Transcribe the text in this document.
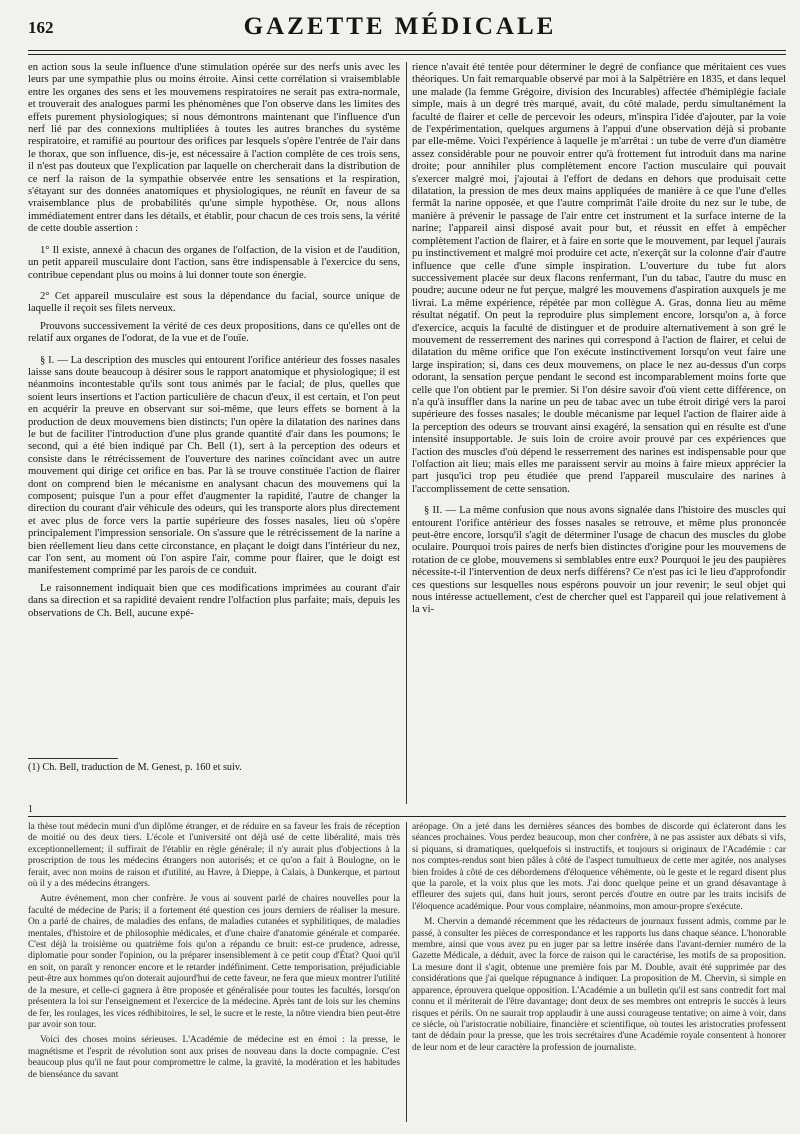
162	GAZETTE MÉDICALE

en action sous la seule influence d'une stimulation opérée sur des nerfs unis avec les leurs par une sympathie plus ou moins étroite. Ainsi cette corrélation si vraisemblable entre les organes des sens et les mouvemens respiratoires ne serait pas extra-normale, et trouverait des analogues parmi les phénomènes que l'on observe dans les limites des effets purement physiologiques; si nous démontrons maintenant que l'influence d'un nerf lié par des connexions multipliées à toutes les autres branches du système respiratoire, et ramifié au pourtour des orifices par lesquels s'opère l'entrée de l'air dans le thorax, que son influence, dis-je, est nécessaire à l'action complète de ces trois sens, il n'est pas douteux que l'explication par laquelle on chercherait dans la distribution de ce nerf la raison de la sympathie observée entre les sensations et la respiration, s'étayant sur des données anatomiques et physiologiques, ne réunît en faveur de sa vraisemblance plus de probabilités qu'une simple hypothèse. Or, nous allons immédiatement entrer dans les détails, et établir, pour chacun de ces trois sens, la vérité de cette double assertion :

1° Il existe, annexé à chacun des organes de l'olfaction, de la vision et de l'audition, un petit appareil musculaire dont l'action, sans être indispensable à l'exercice du sens, contribue cependant plus ou moins à lui donner toute son énergie.

2° Cet appareil musculaire est sous la dépendance du facial, source unique de laquelle il reçoit ses filets nerveux.

Prouvons successivement la vérité de ces deux propositions, dans ce qu'elles ont de relatif aux organes de l'odorat, de la vue et de l'ouïe.

§ I. — La description des muscles qui entourent l'orifice antérieur des fosses nasales laisse sans doute beaucoup à désirer sous le rapport anatomique et physiologique; il est néanmoins incontestable qu'ils sont tous animés par le facial; de plus, quelles que soient leurs insertions et l'action particulière de chacun d'eux, il est certain, et l'on peut en acquérir la preuve en observant sur soi-même, que leurs effets se bornent à la production de deux mouvemens bien distincts; l'un opère la dilatation des narines dans le but de faciliter l'introduction d'une plus grande quantité d'air dans les poumons; le second, qui a été bien indiqué par Ch. Bell (1), sert à la perception des odeurs et consiste dans le rétrécissement de l'ouverture des narines coïncidant avec un autre mouvement qui dirige cet orifice en bas. Par là se trouve constituée l'action de flairer dont on comprend bien le mécanisme en analysant chacun des mouvemens qui la composent; puisque l'un a pour effet d'augmenter la rapidité, l'autre de changer la direction du courant d'air véhicule des odeurs, qui les transporte alors plus directement et avec plus de force vers la partie supérieure des fosses nasales, lieu où s'opère principalement l'impression sensoriale. On s'assure que le rétrécissement de la narine a bien réellement lieu dans cette circonstance, en plaçant le doigt dans l'intérieur du nez, car l'on sent, au moment où l'on aspire l'air, comme pour flairer, que le doigt est manifestement comprimé par les parois de ce conduit.

Le raisonnement indiquait bien que ces modifications imprimées au courant d'air dans sa direction et sa rapidité devaient rendre l'olfaction plus parfaite; mais, depuis les observations de Ch. Bell, aucune expé-

rience n'avait été tentée pour déterminer le degré de confiance que méritaient ces vues théoriques. Un fait remarquable observé par moi à la Salpêtrière en 1835, et dans lequel une malade (la femme Grégoire, division des Incurables) affectée d'hémiplégie faciale simple, mais à un degré très marqué, avait, du côté malade, perdu simultanément la faculté de flairer et celle de percevoir les odeurs, m'inspira l'idée d'ajouter, par la voie de l'expérimentation, quelques argumens à l'appui d'une observation déjà si probante par elle-même. Voici l'expérience à laquelle je m'arrêtai : un tube de verre d'un diamètre assez considérable pour ne pouvoir entrer qu'à frottement fut introduit dans ma narine droite; pour annihiler plus complètement encore l'action musculaire qui pouvait s'exercer malgré moi, j'ajoutai à l'effort de dedans en dehors que produisait cette dilatation, la pression de mes deux mains appliquées de manière à ce que l'une d'elles fermât la narine opposée, et que l'autre comprimât l'aile droite du nez sur le tube, de manière à prévenir le passage de l'air entre cet instrument et la surface interne de la narine; l'appareil ainsi disposé avait pour but, et réussit en effet à empêcher complètement l'action de flairer, et à faire en sorte que le mouvement, par lequel j'aurais pu instinctivement et malgré moi produire cet acte, n'exerçât sur la colonne d'air d'autre influence que celle d'une simple inspiration. L'ouverture du tube fut alors successivement placée sur deux flacons renfermant, l'un du tabac, l'autre du musc en poudre; aucune odeur ne fut perçue, malgré les mouvemens d'aspiration auxquels je me livrai. La même expérience, répétée par mon collègue A. Gras, donna lieu au même résultat négatif. On peut la reproduire plus simplement encore, lorsqu'on a, à force d'exercice, acquis la faculté de distinguer et de produire alternativement à son gré le mouvement de resserrement des narines qui correspond à l'action de flairer, et celui de dilatation du même orifice que l'on exécute instinctivement lorsqu'on veut faire une large inspiration; si, dans ces deux mouvemens, on place le nez au-dessus d'un corps odorant, la sensation perçue pendant le second est incomparablement moins forte que celle que l'on obtient par le premier. Si l'on désire savoir d'où vient cette différence, on n'a qu'à insuffler dans la narine un peu de tabac avec un tube étroit dirigé vers la paroi supérieure des fosses nasales; le double mécanisme par lequel l'action de flairer aide à la perception des odeurs se trouvant ainsi exagéré, la sensation qui en résulte est d'une intensité insupportable. Je suis loin de croire avoir prouvé par ces expériences que l'action des muscles d'où dépend le resserrement des narines est indispensable pour que l'olfaction ait lieu; mais elles me paraissent servir au moins à faire mieux apprécier la part jusqu'ici trop peu étudiée que prend l'appareil musculaire des narines à l'accomplissement de cette sensation.

§ II. — La même confusion que nous avons signalée dans l'histoire des muscles qui entourent l'orifice antérieur des fosses nasales se retrouve, et même plus prononcée peut-être encore, lorsqu'il s'agit de déterminer l'usage de chacun des muscles du globe oculaire. Pourquoi trois paires de nerfs bien distinctes d'origine pour les mouvemens de rotation de ce globe, mouvemens si semblables entre eux? Pourquoi le jeu des paupières nécessite-t-il l'intervention de deux nerfs différens? Ce n'est pas ici le lieu d'approfondir ces questions sur lesquelles nous espérons pouvoir un jour revenir; le seul objet qui nous intéresse actuellement, c'est de chercher quel est l'appareil qui joue relativement à la vi-

(1) Ch. Bell, traduction de M. Genest, p. 160 et suiv.
1

la thèse tout médecin muni d'un diplôme étranger, et de réduire en sa faveur les frais de réception de moitié ou des deux tiers. L'école et l'université ont déjà usé de cette libéralité, mais très exceptionnellement; il suffirait de l'établir en règle générale; il n'y aurait plus d'objections à la proscription de tous les médecins étrangers non autorisés; et ce qu'on a fait à Boulogne, on le ferait, avec non moins de raison et d'utilité, au Havre, à Dieppe, à Calais, à Dunkerque, et partout où il y a des médecins étrangers.

Autre événement, mon cher confrère. Je vous ai souvent parlé de chaires nouvelles pour la faculté de médecine de Paris; il a fortement été question ces jours derniers de réaliser la mesure. On a parlé de chaires, de maladies des enfans, de maladies cutanées et syphilitiques, de maladies mentales, d'histoire et de philosophie médicales, et d'une chaire d'anatomie générale et comparée. C'est déjà la troisième ou quatrième fois qu'on a répandu ce bruit: est-ce prudence, adresse, diplomatie pour sonder l'opinion, ou la préparer insensiblement à ce petit coup d'État? Quoi qu'il en soit, on paraît y renoncer encore et le retarder indéfiniment. Cette temporisation, préjudiciable peut-être aux hommes qu'on doterait aujourd'hui de cette faveur, ne fera que mieux montrer l'utilité de la mesure, et celle-ci gagnera à être proposée et généralisée pour toutes les facultés, lorsqu'on présentera la loi sur l'enseignement et l'exercice de la médecine. Après tant de lois sur les chemins de fer, les roulages, les vices rédhibitoires, le sel, le sucre et le reste, la nôtre viendra bien peut-être par avoir son tour.

Voici des choses moins sérieuses. L'Académie de médecine est en émoi : la presse, le magnétisme et l'esprit de révolution sont aux prises de nouveau dans la docte compagnie. C'est beaucoup plus qu'il ne faut pour compromettre le calme, la gravité, la modération et les habitudes de bienséance du savant

aréopage. On a jeté dans les dernières séances des bombes de discorde qui éclateront dans les séances prochaines. Vous perdez beaucoup, mon cher confrère, à ne pas assister aux débats si vifs, si piquans, si dramatiques, quelquefois si instructifs, et toujours si originaux de l'Académie : car nos comptes-rendus sont bien pâles à côté de l'aspect tumultueux de cette mer agitée, nos analyses bien froides à côté de ces débordemens d'éloquence véhémente, où le geste et le regard disent plus que la parole, et la voix plus que les mots. J'ai donc quelque peine et un grand désavantage à effleurer des sujets qui, dans huit jours, seront percés d'outre en outre par les traits incisifs de l'éloquence académique. Pour vous complaire, néanmoins, mon amour-propre s'exécute.

M. Chervin a demandé récemment que les rédacteurs de journaux fussent admis, comme par le passé, à consulter les pièces de correspondance et les rapports lus dans chaque séance. L'honorable membre, ainsi que vous avez pu en juger par sa lettre insérée dans l'avant-dernier numéro de la Gazette Médicale, a déduit, avec la force de raison qui le caractérise, les motifs de sa proposition. La mesure dont il s'agit, obtenue une première fois par M. Double, avait été supprimée par des considérations que j'ai quelque répugnance à indiquer. La proposition de M. Chervin, si simple en apparence, éprouvera quelque opposition. L'Académie a un bulletin qu'il est sans contredit fort mal connu et il mériterait de l'être davantage; dont deux de ses membres ont entrepris le succès à leurs risques et périls. On ne saurait trop applaudir à une aussi courageuse tentative; on aime à voir, dans ce siècle, où l'aristocratie nobiliaire, financière et scientifique, où toutes les aristocraties professent tant de dédain pour la presse, que les trois secrétaires d'une Académie royale consentent à honorer de leur nom et de leur caractère la profession de journaliste.
